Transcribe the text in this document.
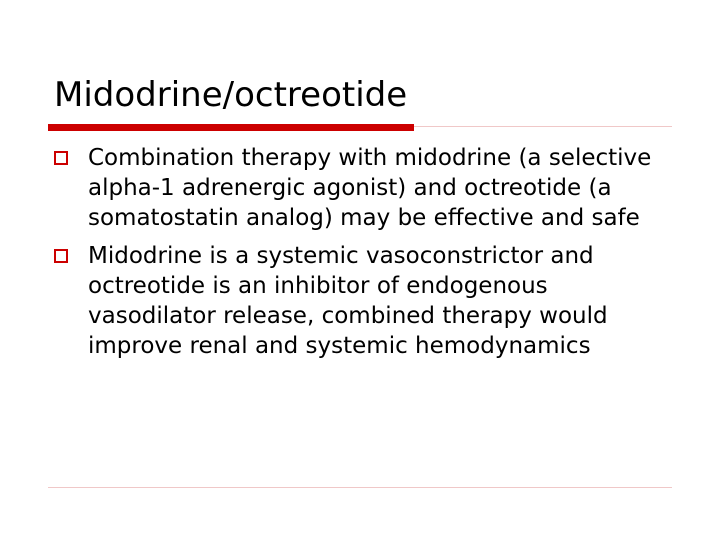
Midodrine/octreotide
Combination therapy with midodrine (a selective alpha-1 adrenergic agonist) and octreotide (a somatostatin analog) may be effective and safe
Midodrine is a systemic vasoconstrictor and octreotide is an inhibitor of endogenous vasodilator release, combined therapy would improve renal and systemic hemodynamics
